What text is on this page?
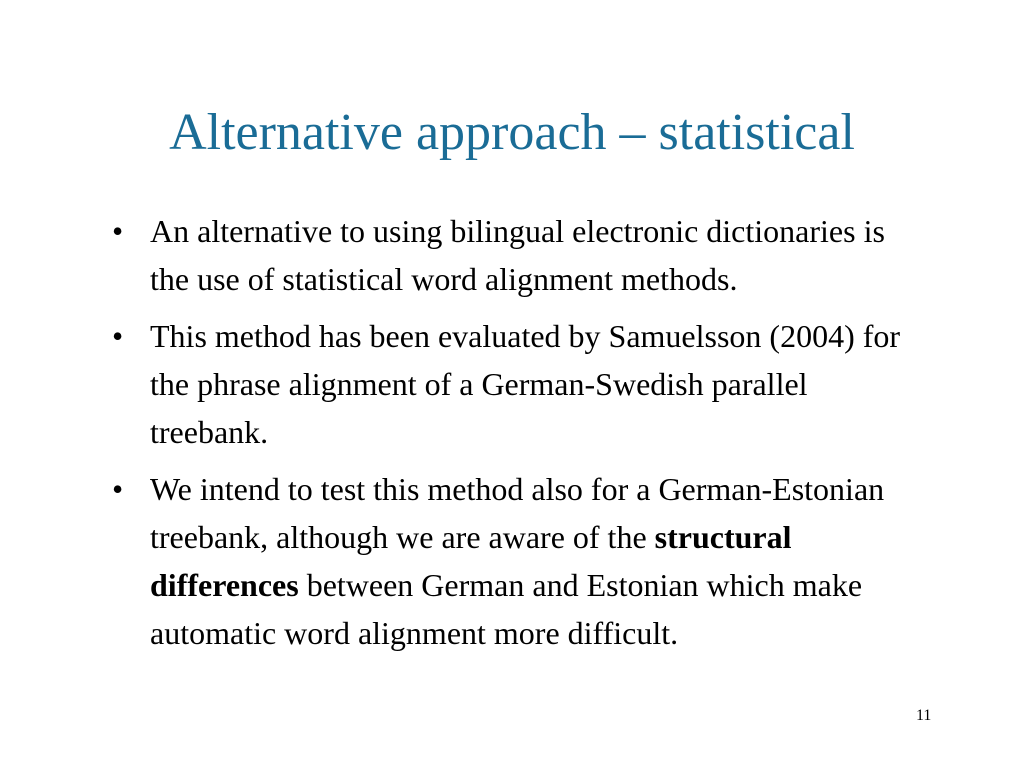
Alternative approach – statistical
• An alternative to using bilingual electronic dictionaries is the use of statistical word alignment methods.
• This method has been evaluated by Samuelsson (2004) for the phrase alignment of a German-Swedish parallel treebank.
• We intend to test this method also for a German-Estonian treebank, although we are aware of the structural differences between German and Estonian which make automatic word alignment more difficult.
11
